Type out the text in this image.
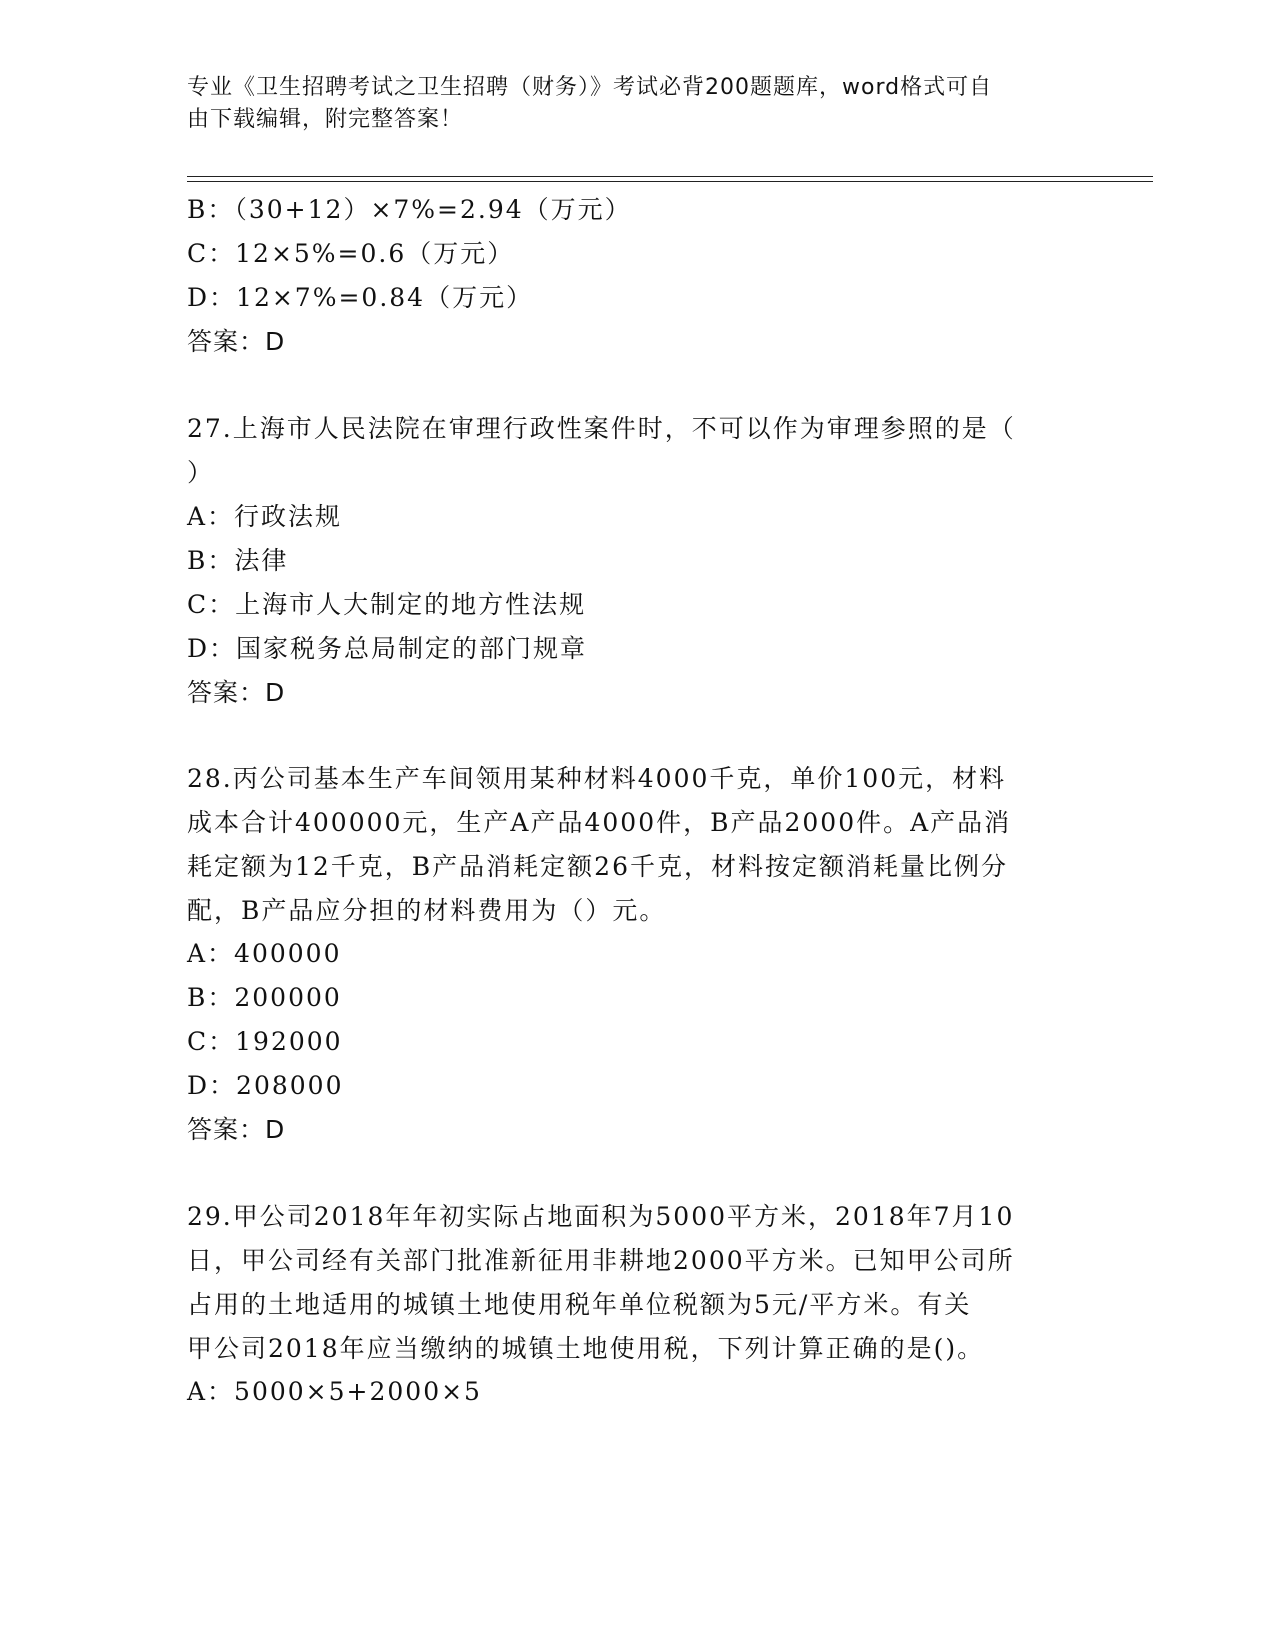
专业《卫生招聘考试之卫生招聘（财务）》考试必背200题题库，word格式可自
由下载编辑，附完整答案！
B：（30+12）×7%=2.94（万元）
C：12×5%=0.6（万元）
D：12×7%=0.84（万元）
答案：D
27.上海市人民法院在审理行政性案件时，不可以作为审理参照的是（
）
A：行政法规
B：法律
C：上海市人大制定的地方性法规
D：国家税务总局制定的部门规章
答案：D
28.丙公司基本生产车间领用某种材料4000千克，单价100元，材料
成本合计400000元，生产A产品4000件，B产品2000件。A产品消
耗定额为12千克，B产品消耗定额26千克，材料按定额消耗量比例分
配，B产品应分担的材料费用为（）元。
A：400000
B：200000
C：192000
D：208000
答案：D
29.甲公司2018年年初实际占地面积为5000平方米，2018年7月10
日，甲公司经有关部门批准新征用非耕地2000平方米。已知甲公司所
占用的土地适用的城镇土地使用税年单位税额为5元/平方米。有关
甲公司2018年应当缴纳的城镇土地使用税，下列计算正确的是()。
A：5000×5+2000×5
